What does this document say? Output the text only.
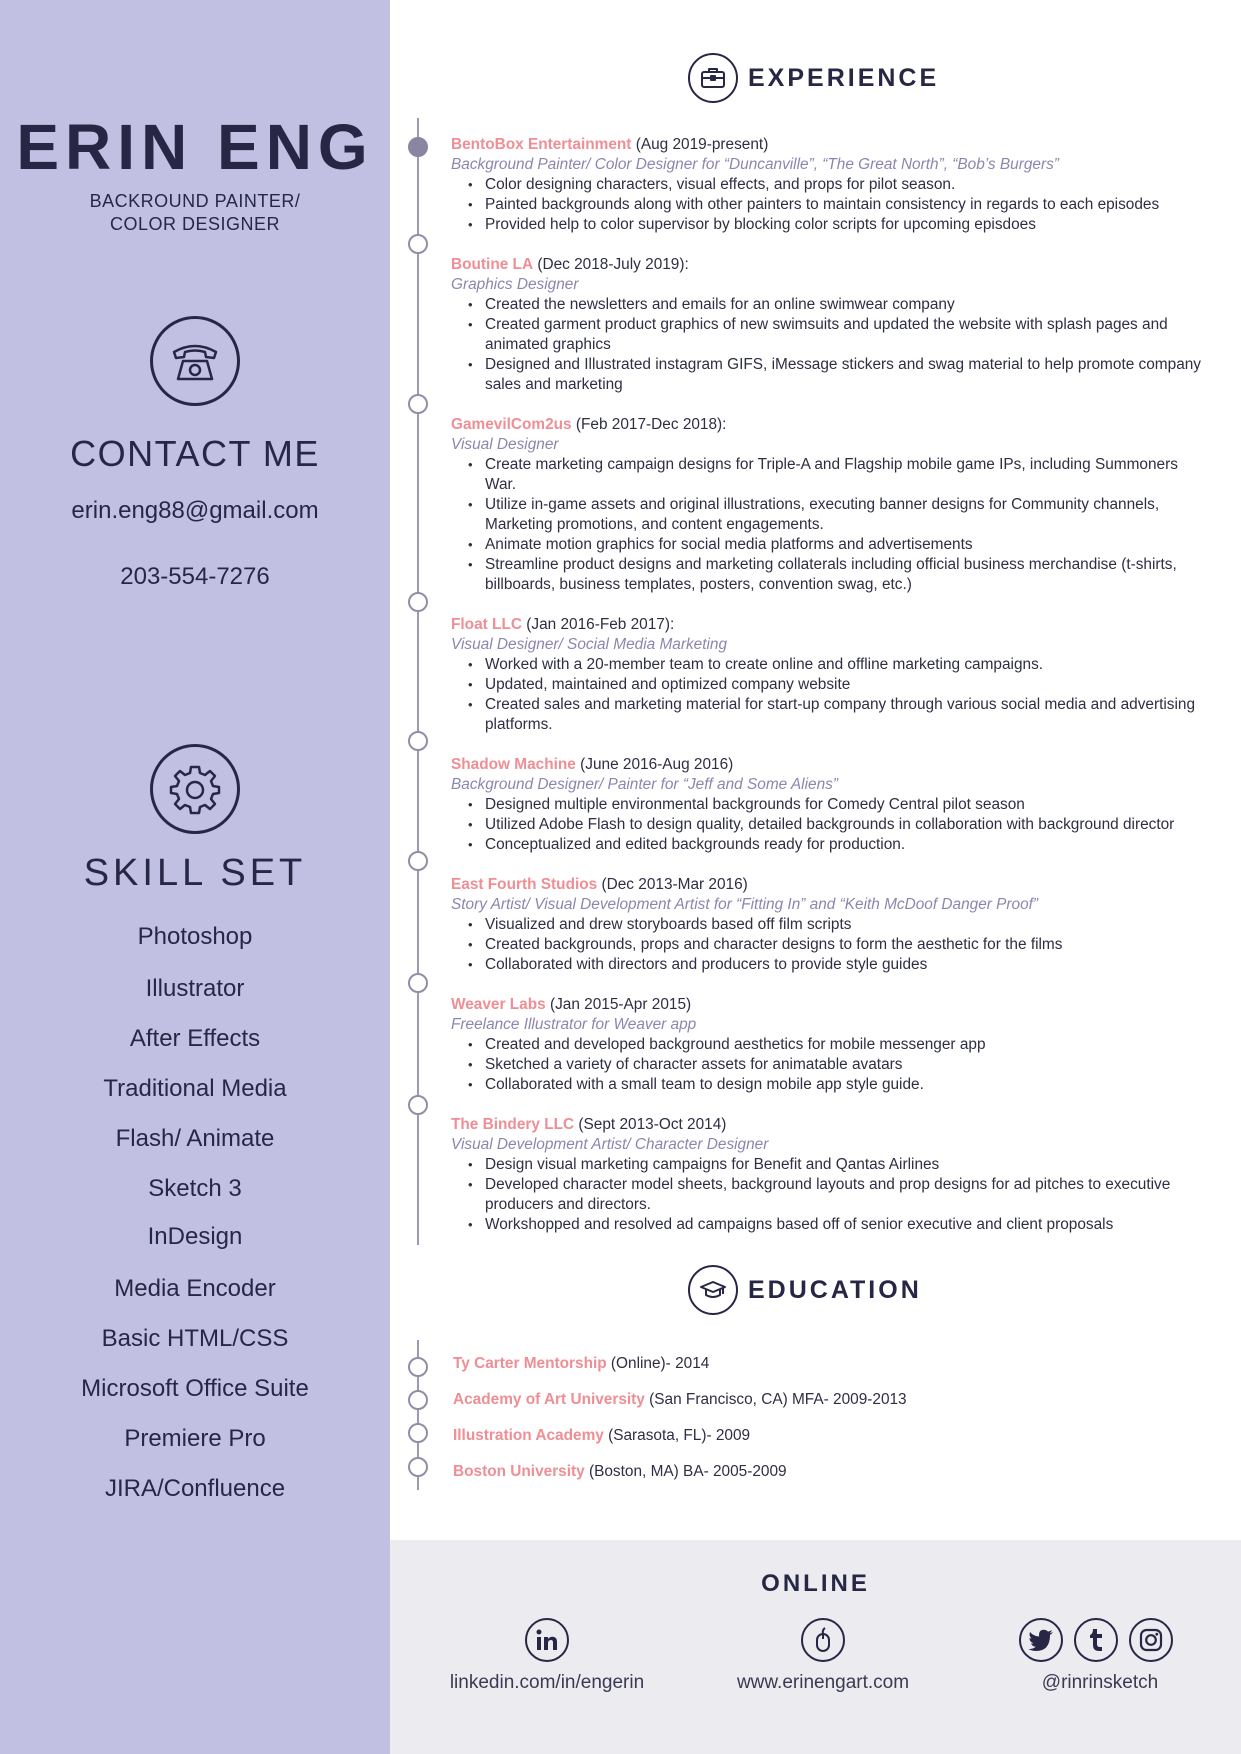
ERIN ENG
BACKROUND PAINTER/
COLOR DESIGNER
CONTACT ME
erin.eng88@gmail.com
203-554-7276
SKILL SET
Photoshop
Illustrator
After Effects
Traditional Media
Flash/ Animate
Sketch 3
InDesign
Media Encoder
Basic HTML/CSS
Microsoft Office Suite
Premiere Pro
JIRA/Confluence
EXPERIENCE
BentoBox Entertainment (Aug 2019-present)
Background Painter/ Color Designer for “Duncanville”, “The Great North”, “Bob’s Burgers”
• Color designing characters, visual effects, and props for pilot season.
• Painted backgrounds along with other painters to maintain consistency in regards to each episodes
• Provided help to color supervisor by blocking color scripts for upcoming episdoes
Boutine LA (Dec 2018-July 2019):
Graphics Designer
• Created the newsletters and emails for an online swimwear company
• Created garment product graphics of new swimsuits and updated the website with splash pages and animated graphics
• Designed and Illustrated instagram GIFS, iMessage stickers and swag material to help promote company sales and marketing
GamevilCom2us (Feb 2017-Dec 2018):
Visual Designer
• Create marketing campaign designs for Triple-A and Flagship mobile game IPs, including Summoners War.
• Utilize in-game assets and original illustrations, executing banner designs for Community channels, Marketing promotions, and content engagements.
• Animate motion graphics for social media platforms and advertisements
• Streamline product designs and marketing collaterals including official business merchandise (t-shirts, billboards, business templates, posters, convention swag, etc.)
Float LLC (Jan 2016-Feb 2017):
Visual Designer/ Social Media Marketing
• Worked with a 20-member team to create online and offline marketing campaigns.
• Updated, maintained and optimized company website
• Created sales and marketing material for start-up company through various social media and advertising platforms.
Shadow Machine (June 2016-Aug 2016)
Background Designer/ Painter for “Jeff and Some Aliens”
• Designed multiple environmental backgrounds for Comedy Central pilot season
• Utilized Adobe Flash to design quality, detailed backgrounds in collaboration with background director
• Conceptualized and edited backgrounds ready for production.
East Fourth Studios (Dec 2013-Mar 2016)
Story Artist/ Visual Development Artist for “Fitting In” and “Keith McDoof Danger Proof”
• Visualized and drew storyboards based off film scripts
• Created backgrounds, props and character designs to form the aesthetic for the films
• Collaborated with directors and producers to provide style guides
Weaver Labs (Jan 2015-Apr 2015)
Freelance Illustrator for Weaver app
• Created and developed background aesthetics for mobile messenger app
• Sketched a variety of character assets for animatable avatars
• Collaborated with a small team to design mobile app style guide.
The Bindery LLC (Sept 2013-Oct 2014)
Visual Development Artist/ Character Designer
• Design visual marketing campaigns for Benefit and Qantas Airlines
• Developed character model sheets, background layouts and prop designs for ad pitches to executive producers and directors.
• Workshopped and resolved ad campaigns based off of senior executive and client proposals
EDUCATION
Ty Carter Mentorship (Online)- 2014
Academy of Art University (San Francisco, CA) MFA- 2009-2013
Illustration Academy (Sarasota, FL)- 2009
Boston University (Boston, MA) BA- 2005-2009
ONLINE
linkedin.com/in/engerin	www.erinengart.com	@rinrinsketch
